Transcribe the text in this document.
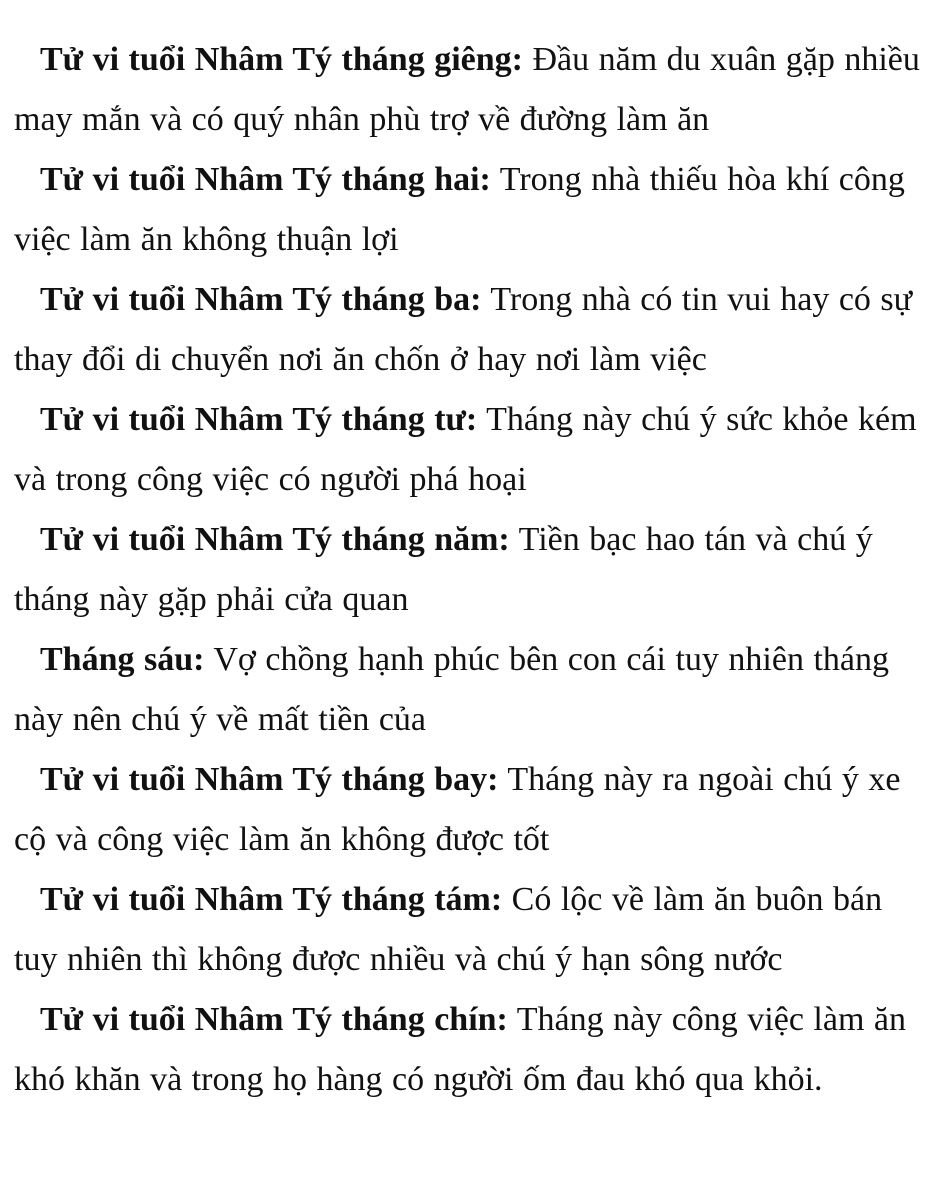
Tử vi tuổi Nhâm Tý tháng giêng: Đầu năm du xuân gặp nhiều may mắn và có quý nhân phù trợ về đường làm ăn

Tử vi tuổi Nhâm Tý tháng hai: Trong nhà thiếu hòa khí công việc làm ăn không thuận lợi

Tử vi tuổi Nhâm Tý tháng ba: Trong nhà có tin vui hay có sự thay đổi di chuyển nơi ăn chốn ở hay nơi làm việc

Tử vi tuổi Nhâm Tý tháng tư: Tháng này chú ý sức khỏe kém và trong công việc có người phá hoại

Tử vi tuổi Nhâm Tý tháng năm: Tiền bạc hao tán và chú ý tháng này gặp phải cửa quan

Tháng sáu: Vợ chồng hạnh phúc bên con cái tuy nhiên tháng này nên chú ý về mất tiền của

Tử vi tuổi Nhâm Tý tháng bay: Tháng này ra ngoài chú ý xe cộ và công việc làm ăn không được tốt

Tử vi tuổi Nhâm Tý tháng tám: Có lộc về làm ăn buôn bán tuy nhiên thì không được nhiều và chú ý hạn sông nước

Tử vi tuổi Nhâm Tý tháng chín: Tháng này công việc làm ăn khó khăn và trong họ hàng có người ốm đau khó qua khỏi.
